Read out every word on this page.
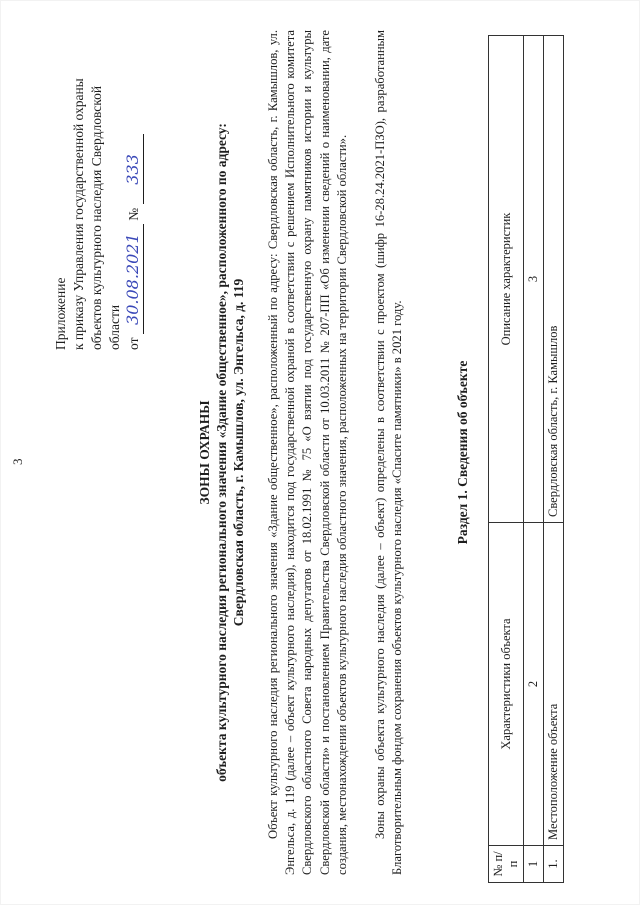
3
Приложение к приказу Управления государственной охраны объектов культурного наследия Свердловской области от 30.08.2021 № 333
ЗОНЫ ОХРАНЫ объекта культурного наследия регионального значения «Здание общественное», расположенного по адресу: Свердловская область, г. Камышлов, ул. Энгельса, д. 119 Объект культурного наследия регионального значения «Здание общественное», расположенный по адресу: Свердловская область, г. Камышлов, ул. Энгельса, д. 119 (далее – объект культурного наследия), находится под государственной охраной в соответствии с решением Исполнительного комитета Свердловского областного Совета народных депутатов от 18.02.1991 № 75 «О взятии под государственную охрану памятников истории и культуры Свердловской области» и постановлением Правительства Свердловской области от 10.03.2011 № 207-ПП «Об изменении сведений о наименовании, дате создания, местонахождении объектов культурного наследия областного значения, расположенных на территории Свердловской области». Зоны охраны объекта культурного наследия (далее – объект) определены в соответствии с проектом (шифр 16-28.24.2021-ПЗО), разработанным Благотворительным фондом сохранения объектов культурного наследия «Спасите памятники» в 2021 году.	Раздел 1. Сведения об объекте
№ п/п	Характеристики объекта	Описание характеристик
1	2	3
1.	Местоположение объекта	Свердловская область, г. Камышлов
